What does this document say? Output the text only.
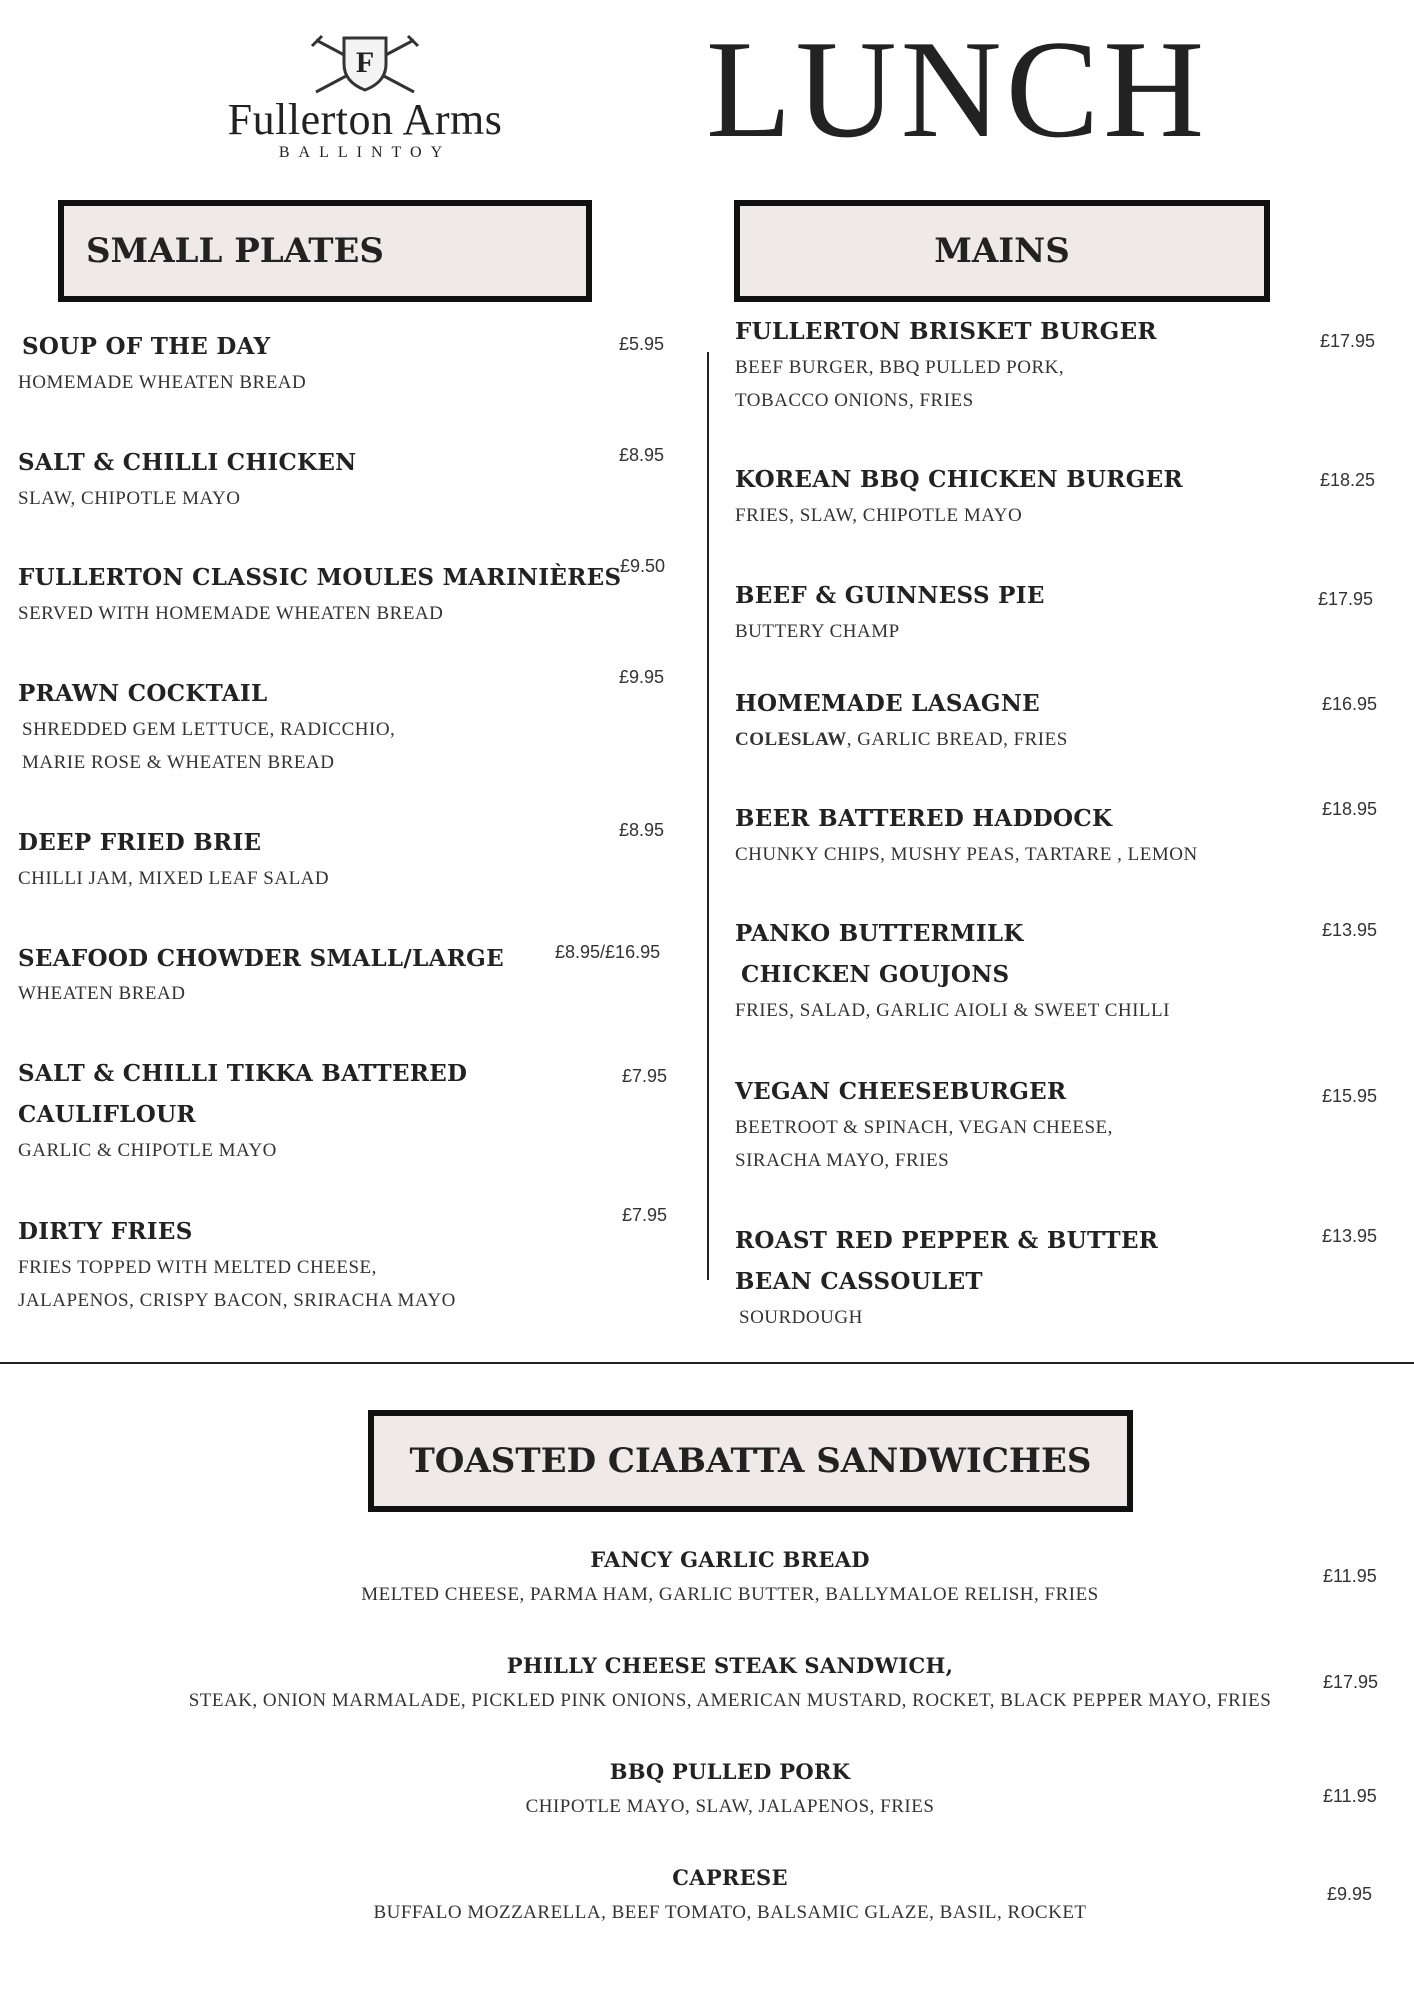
F
Fullerton Arms
BALLINTOY	LUNCH
SMALL PLATES	MAINS
SOUP OF THE DAY
HOMEMADE WHEATEN BREAD
£5.95
SALT & CHILLI CHICKEN
SLAW, CHIPOTLE MAYO
£8.95
FULLERTON CLASSIC MOULES MARINIÈRES
SERVED WITH HOMEMADE WHEATEN BREAD
£9.50
PRAWN COCKTAIL
SHREDDED GEM LETTUCE, RADICCHIO,
MARIE ROSE & WHEATEN BREAD
£9.95
DEEP FRIED BRIE
CHILLI JAM, MIXED LEAF SALAD
£8.95
SEAFOOD CHOWDER SMALL/LARGE
WHEATEN BREAD
£8.95/£16.95
SALT & CHILLI TIKKA BATTERED
CAULIFLOUR
GARLIC & CHIPOTLE MAYO
£7.95
DIRTY FRIES
FRIES TOPPED WITH MELTED CHEESE,
JALAPENOS, CRISPY BACON, SRIRACHA MAYO
£7.95
FULLERTON BRISKET BURGER
BEEF BURGER, BBQ PULLED PORK,
TOBACCO ONIONS, FRIES
£17.95
KOREAN BBQ CHICKEN BURGER
FRIES, SLAW, CHIPOTLE MAYO
£18.25
BEEF & GUINNESS PIE
BUTTERY CHAMP
£17.95
HOMEMADE LASAGNE
COLESLAW, GARLIC BREAD, FRIES
£16.95
BEER BATTERED HADDOCK
CHUNKY CHIPS, MUSHY PEAS, TARTARE , LEMON
£18.95
PANKO BUTTERMILK
CHICKEN GOUJONS
FRIES, SALAD, GARLIC AIOLI & SWEET CHILLI
£13.95
VEGAN CHEESEBURGER
BEETROOT & SPINACH, VEGAN CHEESE,
SIRACHA MAYO, FRIES
£15.95
ROAST RED PEPPER & BUTTER
BEAN CASSOULET
SOURDOUGH
£13.95
TOASTED CIABATTA SANDWICHES
FANCY GARLIC BREAD
MELTED CHEESE, PARMA HAM, GARLIC BUTTER, BALLYMALOE RELISH, FRIES
£11.95
PHILLY CHEESE STEAK SANDWICH,
STEAK, ONION MARMALADE, PICKLED PINK ONIONS, AMERICAN MUSTARD, ROCKET, BLACK PEPPER MAYO, FRIES
£17.95
BBQ PULLED PORK
CHIPOTLE MAYO, SLAW, JALAPENOS, FRIES	£11.95
CAPRESE
BUFFALO MOZZARELLA, BEEF TOMATO, BALSAMIC GLAZE, BASIL, ROCKET
£9.95
